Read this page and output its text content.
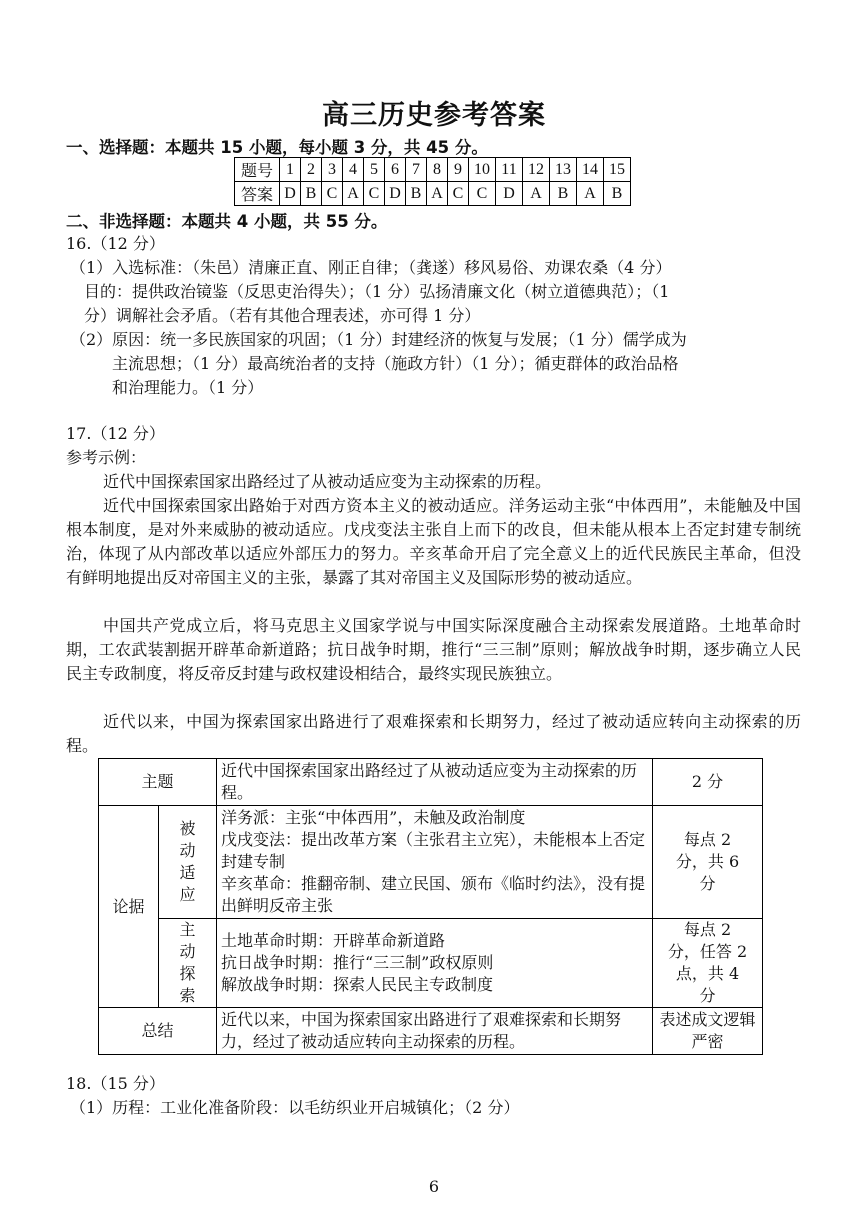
高三历史参考答案
一、选择题：本题共 15 小题，每小题 3 分，共 45 分。
题号	1	2	3	4	5	6	7	8	9	10	11	12	13	14	15
答案	D	B	C	A	C	D	B	A	C	C	D	A	B	A	B
二、非选择题：本题共 4 小题，共 55 分。
16.（12 分）
（1）入选标准：（朱邑）清廉正直、刚正自律；（龚遂）移风易俗、劝课农桑（4 分）
目的：提供政治镜鉴（反思吏治得失）；（1 分）弘扬清廉文化（树立道德典范）；（1
分）调解社会矛盾。（若有其他合理表述，亦可得 1 分）
（2）原因：统一多民族国家的巩固；（1 分）封建经济的恢复与发展；（1 分）儒学成为
主流思想；（1 分）最高统治者的支持（施政方针）（1 分）；循吏群体的政治品格
和治理能力。（1 分）
17.（12 分）
参考示例：
近代中国探索国家出路经过了从被动适应变为主动探索的历程。
近代中国探索国家出路始于对西方资本主义的被动适应。洋务运动主张“中体西用”，未能触及中国根本制度，是对外来威胁的被动适应。戊戌变法主张自上而下的改良，但未能从根本上否定封建专制统治，体现了从内部改革以适应外部压力的努力。辛亥革命开启了完全意义上的近代民族民主革命，但没有鲜明地提出反对帝国主义的主张，暴露了其对帝国主义及国际形势的被动适应。
中国共产党成立后，将马克思主义国家学说与中国实际深度融合主动探索发展道路。土地革命时期，工农武装割据开辟革命新道路；抗日战争时期，推行“三三制”原则；解放战争时期，逐步确立人民民主专政制度，将反帝反封建与政权建设相结合，最终实现民族独立。
近代以来，中国为探索国家出路进行了艰难探索和长期努力，经过了被动适应转向主动探索的历程。
主题		近代中国探索国家出路经过了从被动适应变为主动探索的历程。	2 分
论据	被动适应	洋务派：主张“中体西用”，未触及政治制度
戊戌变法：提出改革方案（主张君主立宪），未能根本上否定封建专制
辛亥革命：推翻帝制、建立民国、颁布《临时约法》，没有提出鲜明反帝主张	每点 2 分，共 6 分
	主动探索	土地革命时期：开辟革命新道路
抗日战争时期：推行“三三制”政权原则
解放战争时期：探索人民民主专政制度	每点 2 分，任答 2 点，共 4 分
总结		近代以来，中国为探索国家出路进行了艰难探索和长期努力，经过了被动适应转向主动探索的历程。	表述成文逻辑严密
18.（15 分）
（1）历程：工业化准备阶段：以毛纺织业开启城镇化；（2 分）
6
